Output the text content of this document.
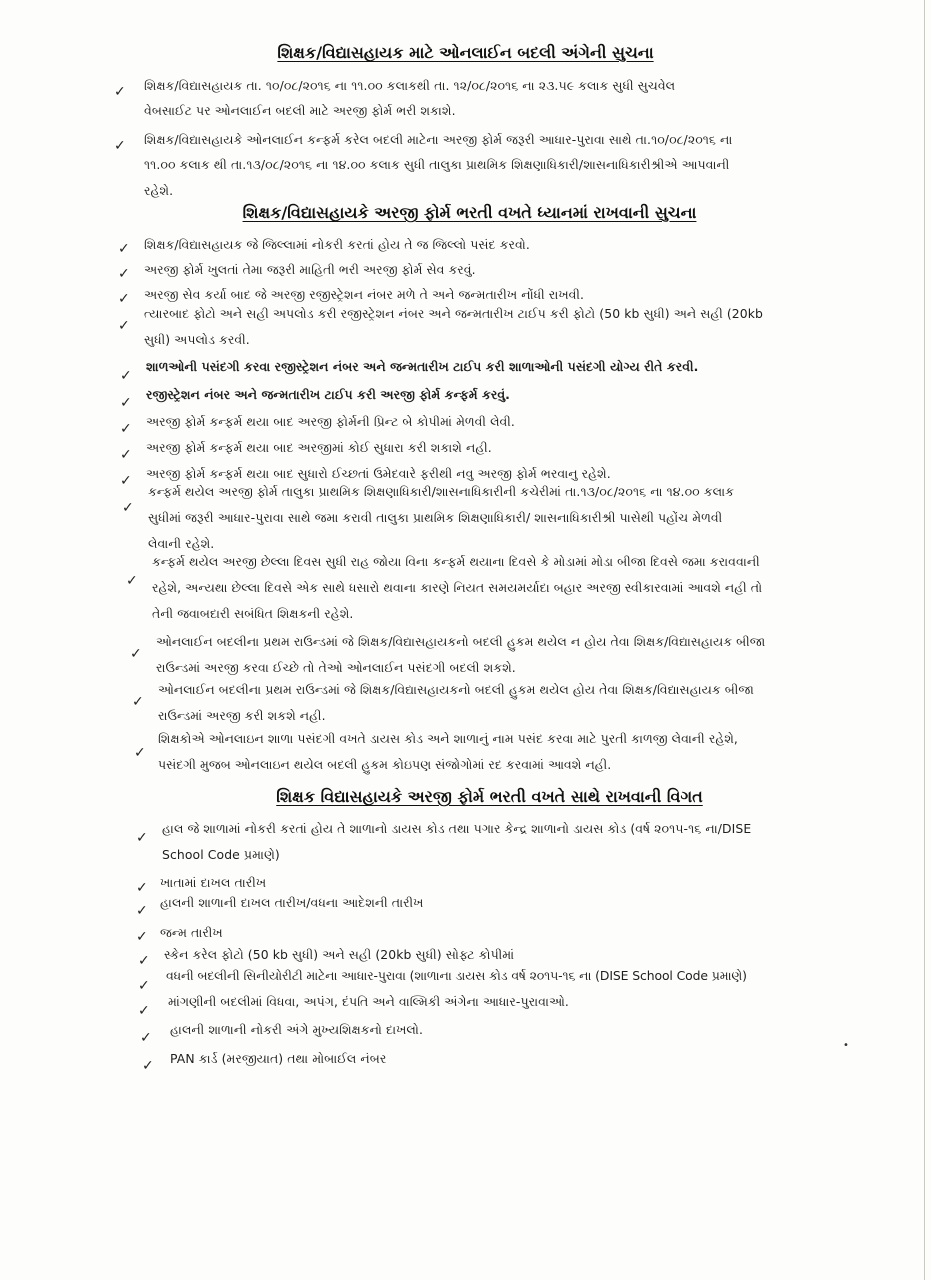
શિક્ષક/વિદ્યાસહાયક માટે ઓનલાઈન બદલી અંગેની સુચના
✓ શિક્ષક/વિદ્યાસહાયક તા. ૧૦/૦૮/૨૦૧૬ ના ૧૧.૦૦ કલાકથી તા. ૧૨/૦૮/૨૦૧૬ ના ૨૩.૫૯ કલાક સુધી સુચવેલ
વેબસાઈટ પર ઓનલાઈન બદલી માટે અરજી ફોર્મ ભરી શકાશે.
✓ શિક્ષક/વિદ્યાસહાયકે ઓનલાઈન કન્ફર્મ કરેલ બદલી માટેના અરજી ફોર્મ જરૂરી આધાર-પુરાવા સાથે તા.૧૦/૦૮/૨૦૧૬ ના
૧૧.૦૦ કલાક થી તા.૧૩/૦૮/૨૦૧૬ ના ૧૪.૦૦ કલાક સુધી તાલુકા પ્રાથમિક શિક્ષણાધિકારી/શાસનાધિકારીશ્રીએ આપવાની
રહેશે.
શિક્ષક/વિદ્યાસહાયકે અરજી ફોર્મ ભરતી વખતે ધ્યાનમાં રાખવાની સુચના
✓ શિક્ષક/વિદ્યાસહાયક જે જિલ્લામાં નોકરી કરતાં હોય તે જ જિલ્લો પસંદ કરવો.
✓ અરજી ફોર્મ ખુલતાં તેમા જરૂરી માહિતી ભરી અરજી ફોર્મ સેવ કરવું.
✓ અરજી સેવ કર્યા બાદ જે અરજી રજીસ્ટ્રેશન નંબર મળે તે અને જન્મતારીખ નોંધી રાખવી.
✓
ત્યારબાદ ફોટો અને સહી અપલોડ કરી રજીસ્ટ્રેશન નંબર અને જન્મતારીખ ટાઈપ કરી ફોટો (50 kb સુધી) અને સહી (20kb
સુધી) અપલોડ કરવી.
✓
શાળઓની પસંદગી કરવા રજીસ્ટ્રેશન નંબર અને જન્મતારીખ ટાઈપ કરી શાળાઓની પસંદગી યોગ્ય રીતે કરવી.
✓
રજીસ્ટ્રેશન નંબર અને જન્મતારીખ ટાઈપ કરી અરજી ફોર્મ કન્ફર્મ કરવું.
✓ અરજી ફોર્મ કન્ફર્મ થયા બાદ અરજી ફોર્મની પ્રિન્ટ બે કોપીમાં મેળવી લેવી.
✓ અરજી ફોર્મ કન્ફર્મ થયા બાદ અરજીમાં કોઈ સુધારા કરી શકાશે નહી.
✓ અરજી ફોર્મ કન્ફર્મ થયા બાદ સુધારો ઈચ્છતાં ઉમેદવારે ફરીથી નવુ અરજી ફોર્મ ભરવાનુ રહેશે.
✓
કન્ફર્મ થયેલ અરજી ફોર્મ તાલુકા પ્રાથમિક શિક્ષણાધિકારી/શાસનાધિકારીની કચેરીમાં તા.૧૩/૦૮/૨૦૧૬ ના ૧૪.૦૦ કલાક
સુધીમાં જરૂરી આધાર-પુરાવા સાથે જમા કરાવી તાલુકા પ્રાથમિક શિક્ષણાધિકારી/ શાસનાધિકારીશ્રી પાસેથી પહોંચ મેળવી
લેવાની રહેશે.
✓
કન્ફર્મ થયેલ અરજી છેલ્લા દિવસ સુધી રાહ જોયા વિના કન્ફર્મ થયાના દિવસે કે મોડામાં મોડા બીજા દિવસે જમા કરાવવાની
રહેશે, અન્યથા છેલ્લા દિવસે એક સાથે ધસારો થવાના કારણે નિયત સમયમર્યાદા બહાર અરજી સ્વીકારવામાં આવશે નહી તો
તેની જવાબદારી સબંધિત શિક્ષકની રહેશે.
✓
ઓનલાઈન બદલીના પ્રથમ રાઉન્ડમાં જે શિક્ષક/વિદ્યાસહાયકનો બદલી હુકમ થયેલ ન હોય તેવા શિક્ષક/વિદ્યાસહાયક બીજા
રાઉન્ડમાં અરજી કરવા ઈચ્છે તો તેઓ ઓનલાઈન પસંદગી બદલી શકશે.
✓
ઓનલાઈન બદલીના પ્રથમ રાઉન્ડમાં જે શિક્ષક/વિદ્યાસહાયકનો બદલી હુકમ થયેલ હોય તેવા શિક્ષક/વિદ્યાસહાયક બીજા
રાઉન્ડમાં અરજી કરી શકશે નહી.
✓
શિક્ષકોએ ઓનલાઇન શાળા પસંદગી વખતે ડાયસ કોડ અને શાળાનું નામ પસંદ કરવા માટે પુરતી કાળજી લેવાની રહેશે,
પસંદગી મુજબ ઓનલાઇન થયેલ બદલી હુકમ કોઇપણ સંજોગોમાં રદ કરવામાં આવશે નહી.
શિક્ષક વિદ્યાસહાયકે અરજી ફોર્મ ભરતી વખતે સાથે રાખવાની વિગત
✓
હાલ જે શાળામાં નોકરી કરતાં હોય તે શાળાનો ડાયસ કોડ તથા પગાર કેન્દ્ર શાળાનો ડાયસ કોડ (વર્ષ ૨૦૧૫-૧૬ ના/DISE
School Code પ્રમાણે)
✓ ખાતામાં દાખલ તારીખ
✓
હાલની શાળાની દાખલ તારીખ/વધના આદેશની તારીખ
✓ જન્મ તારીખ
✓ સ્કેન કરેલ ફોટો (50 kb સુધી) અને સહી (20kb સુધી) સોફ્ટ કોપીમાં
✓
વધની બદલીની સિનીયોરીટી માટેના આધાર-પુરાવા (શાળાના ડાયસ કોડ વર્ષ ૨૦૧૫-૧૬ ના (DISE School Code પ્રમાણે)
✓
માંગણીની બદલીમાં વિધવા, અપંગ, દંપતિ અને વાલ્મિકી અંગેના આધાર-પુરાવાઓ.
✓
હાલની શાળાની નોકરી અંગે મુખ્યશિક્ષકનો દાખલો.
✓ PAN કાર્ડ (મરજીયાત) તથા મોબાઈલ નંબર
•
